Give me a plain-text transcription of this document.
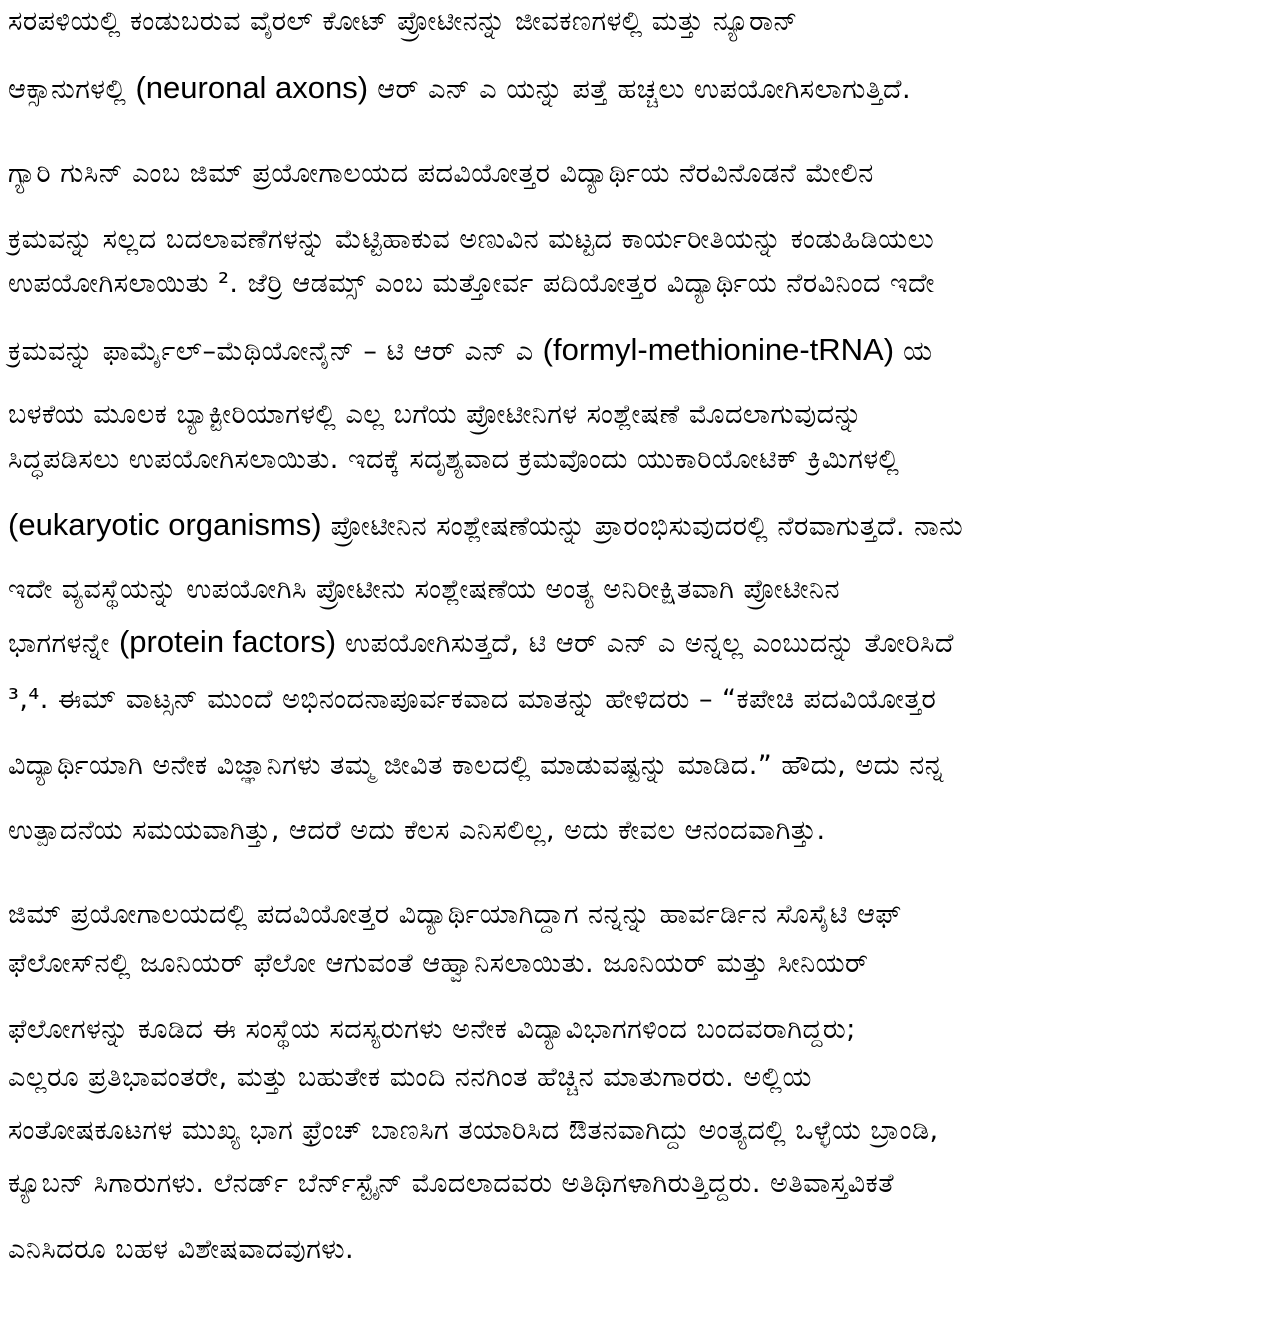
ಸರಪಳಿಯಲ್ಲಿ ಕಂಡುಬರುವ ವೈರಲ್ ಕೋಟ್ ಪ್ರೋಟೀನನ್ನು ಜೀವಕಣಗಳಲ್ಲಿ ಮತ್ತು ನ್ಯೂರಾನ್
ಆಕ್ಸಾನುಗಳಲ್ಲಿ (neuronal axons) ಆರ್ ಎನ್ ಎ ಯನ್ನು ಪತ್ತೆ ಹಚ್ಚಲು ಉಪಯೋಗಿಸಲಾಗುತ್ತಿದೆ.
ಗ್ಯಾರಿ ಗುಸಿನ್ ಎಂಬ ಜಿಮ್ ಪ್ರಯೋಗಾಲಯದ ಪದವಿಯೋತ್ತರ ವಿದ್ಯಾರ್ಥಿಯ ನೆರವಿನೊಡನೆ ಮೇಲಿನ
ಕ್ರಮವನ್ನು ಸಲ್ಲದ ಬದಲಾವಣೆಗಳನ್ನು ಮೆಟ್ಟಿಹಾಕುವ ಅಣುವಿನ ಮಟ್ಟದ ಕಾರ್ಯರೀತಿಯನ್ನು ಕಂಡುಹಿಡಿಯಲು
ಉಪಯೋಗಿಸಲಾಯಿತು ². ಜೆರ್ರಿ ಆಡಮ್ಸ್ ಎಂಬ ಮತ್ತೋರ್ವ ಪದಿಯೋತ್ತರ ವಿದ್ಯಾರ್ಥಿಯ ನೆರವಿನಿಂದ ಇದೇ
ಕ್ರಮವನ್ನು ಫಾರ್ಮೈಲ್–ಮೆಥಿಯೋನೈನ್ – ಟಿ ಆರ್ ಎನ್ ಎ (formyl-methionine-tRNA) ಯ
ಬಳಕೆಯ ಮೂಲಕ ಬ್ಯಾಕ್ಟೀರಿಯಾಗಳಲ್ಲಿ ಎಲ್ಲ ಬಗೆಯ ಪ್ರೋಟೀನಿಗಳ ಸಂಶ್ಲೇಷಣೆ ಮೊದಲಾಗುವುದನ್ನು
ಸಿದ್ಧಪಡಿಸಲು ಉಪಯೋಗಿಸಲಾಯಿತು. ಇದಕ್ಕೆ ಸದೃಶ್ಯವಾದ ಕ್ರಮವೊಂದು ಯುಕಾರಿಯೋಟಿಕ್ ಕ್ರಿಮಿಗಳಲ್ಲಿ
(eukaryotic organisms) ಪ್ರೋಟೀನಿನ ಸಂಶ್ಲೇಷಣೆಯನ್ನು ಪ್ರಾರಂಭಿಸುವುದರಲ್ಲಿ ನೆರವಾಗುತ್ತದೆ. ನಾನು
ಇದೇ ವ್ಯವಸ್ಥೆಯನ್ನು ಉಪಯೋಗಿಸಿ ಪ್ರೋಟೀನು ಸಂಶ್ಲೇಷಣೆಯ ಅಂತ್ಯ ಅನಿರೀಕ್ಷಿತವಾಗಿ ಪ್ರೋಟೀನಿನ
ಭಾಗಗಳನ್ನೇ (protein factors) ಉಪಯೋಗಿಸುತ್ತದೆ, ಟಿ ಆರ್ ಎನ್ ಎ ಅನ್ನಲ್ಲ ಎಂಬುದನ್ನು ತೋರಿಸಿದೆ
³,⁴. ಈಮ್ ವಾಟ್ಸನ್ ಮುಂದೆ ಅಭಿನಂದನಾಪೂರ್ವಕವಾದ ಮಾತನ್ನು ಹೇಳಿದರು – “ಕಪೇಚಿ ಪದವಿಯೋತ್ತರ
ವಿದ್ಯಾರ್ಥಿಯಾಗಿ ಅನೇಕ ವಿಜ್ಞಾನಿಗಳು ತಮ್ಮ ಜೀವಿತ ಕಾಲದಲ್ಲಿ ಮಾಡುವಷ್ಟನ್ನು ಮಾಡಿದ.” ಹೌದು, ಅದು ನನ್ನ
ಉತ್ಪಾದನೆಯ ಸಮಯವಾಗಿತ್ತು, ಆದರೆ ಅದು ಕೆಲಸ ಎನಿಸಲಿಲ್ಲ, ಅದು ಕೇವಲ ಆನಂದವಾಗಿತ್ತು.
ಜಿಮ್ ಪ್ರಯೋಗಾಲಯದಲ್ಲಿ ಪದವಿಯೋತ್ತರ ವಿದ್ಯಾರ್ಥಿಯಾಗಿದ್ದಾಗ ನನ್ನನ್ನು ಹಾರ್ವರ್ಡಿನ ಸೊಸೈಟಿ ಆಫ್
ಫೆಲೋಸ್‌ನಲ್ಲಿ ಜೂನಿಯರ್ ಫೆಲೋ ಆಗುವಂತೆ ಆಹ್ವಾನಿಸಲಾಯಿತು. ಜೂನಿಯರ್ ಮತ್ತು ಸೀನಿಯರ್
ಫೆಲೋಗಳನ್ನು ಕೂಡಿದ ಈ ಸಂಸ್ಥೆಯ ಸದಸ್ಯರುಗಳು ಅನೇಕ ವಿದ್ಯಾವಿಭಾಗಗಳಿಂದ ಬಂದವರಾಗಿದ್ದರು;
ಎಲ್ಲರೂ ಪ್ರತಿಭಾವಂತರೇ, ಮತ್ತು ಬಹುತೇಕ ಮಂದಿ ನನಗಿಂತ ಹೆಚ್ಚಿನ ಮಾತುಗಾರರು. ಅಲ್ಲಿಯ
ಸಂತೋಷಕೂಟಗಳ ಮುಖ್ಯ ಭಾಗ ಫ್ರೆಂಚ್ ಬಾಣಸಿಗ ತಯಾರಿಸಿದ ಔತನವಾಗಿದ್ದು ಅಂತ್ಯದಲ್ಲಿ ಒಳ್ಳೆಯ ಬ್ರಾಂಡಿ,
ಕ್ಯೂಬನ್ ಸಿಗಾರುಗಳು. ಲೆನರ್ಡ್ ಬೆರ್ನ್‌ಸ್ಟೈನ್ ಮೊದಲಾದವರು ಅತಿಥಿಗಳಾಗಿರುತ್ತಿದ್ದರು. ಅತಿವಾಸ್ತವಿಕತೆ
ಎನಿಸಿದರೂ ಬಹಳ ವಿಶೇಷವಾದವುಗಳು.
